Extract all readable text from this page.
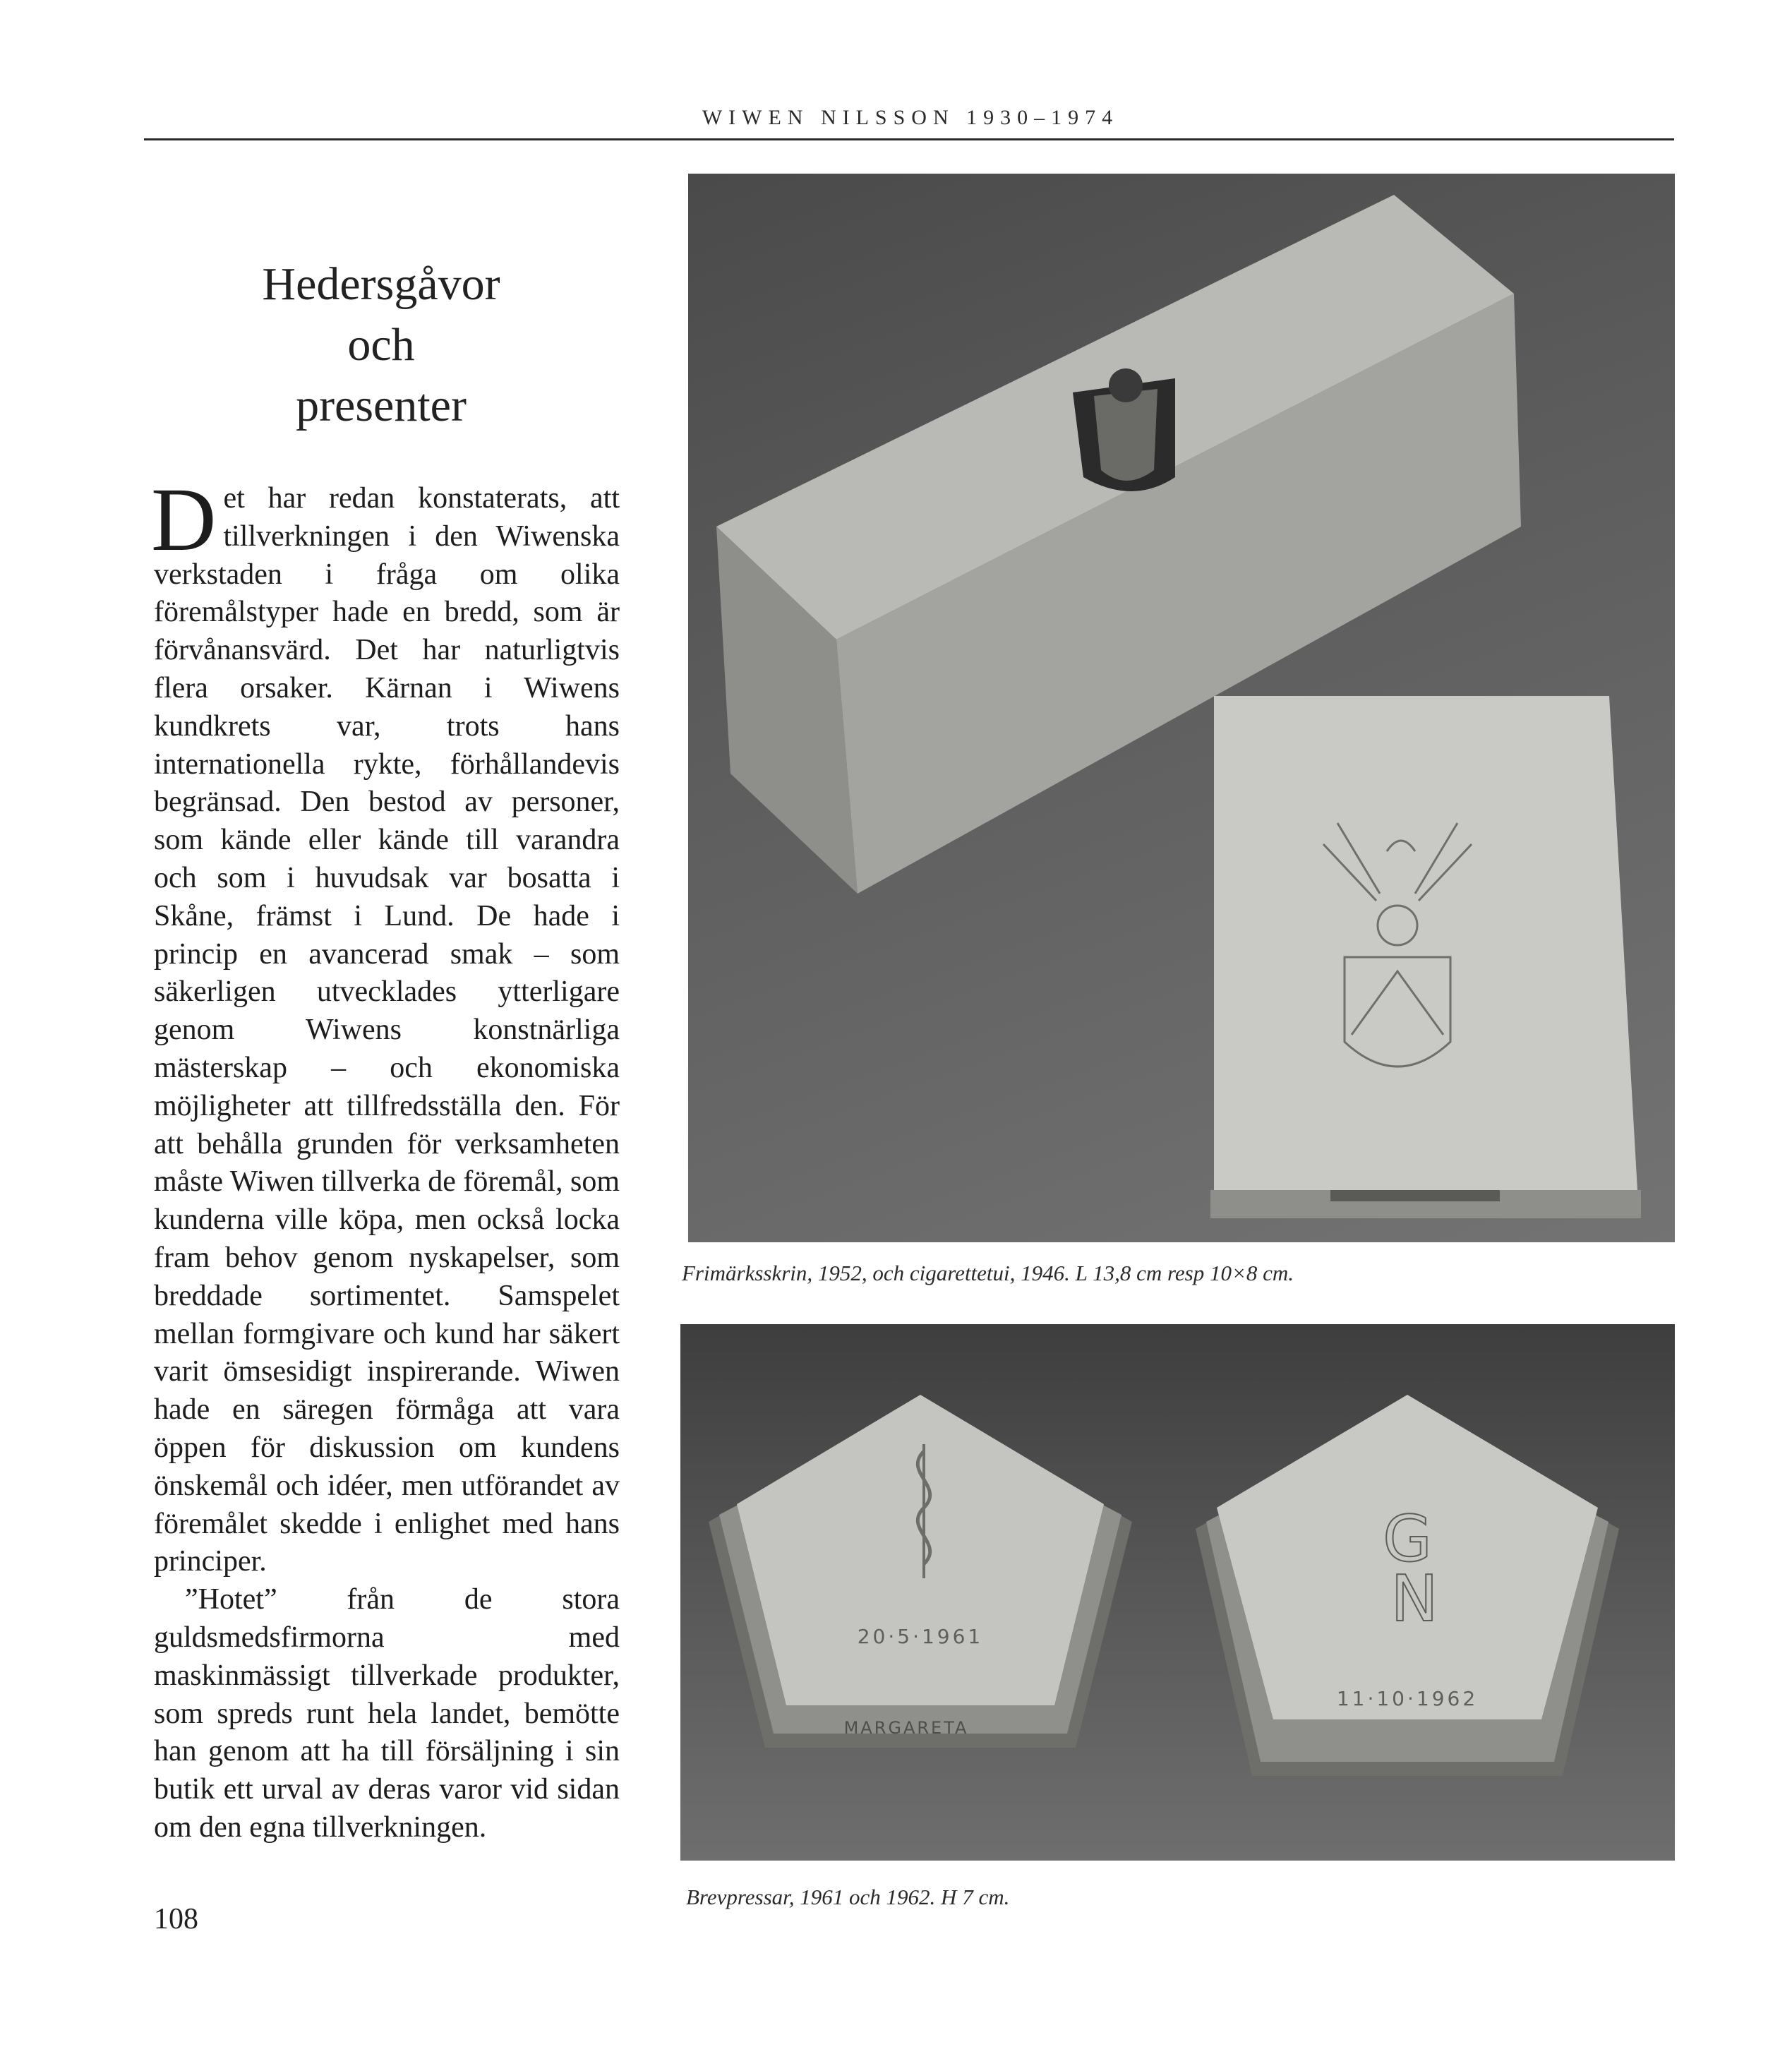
WIWEN NILSSON 1930–1974
Hedersgåvor
och
presenter

Det har redan konstaterats, att tillverkningen i den Wiwenska verkstaden i fråga om olika föremålstyper hade en bredd, som är förvånansvärd. Det har naturligtvis flera orsaker. Kärnan i Wiwens kundkrets var, trots hans internationella rykte, förhållandevis begränsad. Den bestod av personer, som kände eller kände till varandra och som i huvudsak var bosatta i Skåne, främst i Lund. De hade i princip en avancerad smak – som säkerligen utvecklades ytterligare genom Wiwens konstnärliga mästerskap – och ekonomiska möjligheter att tillfredsställa den. För att behålla grunden för verksamheten måste Wiwen tillverka de föremål, som kunderna ville köpa, men också locka fram behov genom nyskapelser, som breddade sortimentet. Samspelet mellan formgivare och kund har säkert varit ömsesidigt inspirerande. Wiwen hade en säregen förmåga att vara öppen för diskussion om kundens önskemål och idéer, men utförandet av föremålet skedde i enlighet med hans principer.

”Hotet” från de stora guldsmedsfirmorna med maskinmässigt tillverkade produkter, som spreds runt hela landet, bemötte han genom att ha till försäljning i sin butik ett urval av deras varor vid sidan om den egna tillverkningen.

108
Frimärksskrin, 1952, och cigarettetui, 1946. L 13,8 cm resp 10×8 cm.
20·5·1961
MARGARETA
G
N
11·10·1962
Brevpressar, 1961 och 1962. H 7 cm.
